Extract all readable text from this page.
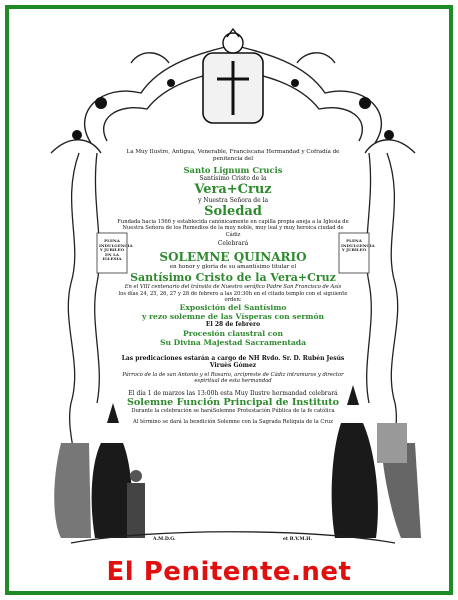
PLENA INDULGENCIA Y JUBILEO EN LA IGLESIA
PLENA INDULGENCIA Y JUBILEO
La Muy Ilustre, Antigua, Venerable, Franciscana Hermandad y Cofradía de penitencia del
Santo Lignum Crucis
Santísimo Cristo de la
Vera+Cruz
y Nuestra Señora de la
Soledad
Fundada hacia 1566 y establecida canónicamente en capilla propia aneja a la Iglesia de Nuestra Señora de los Remedios de la muy noble, muy leal y muy heroica ciudad de Cádiz
Celebrará
SOLEMNE QUINARIO
en honor y gloria de su amantísimo titular el
Santísimo Cristo de la Vera+Cruz
En el VIII centenario del tránsito de Nuestro seráfico Padre San Francisco de Asís
los días 24, 25, 26, 27 y 28 de febrero a las 20:30h en el citado templo con el siguiente orden:
Exposición del Santísimo
y rezo solemne de las Vísperas con sermón
El 28 de febrero
Procesión claustral con
Su Divina Majestad Sacramentada
Las predicaciones estarán a cargo de NH Rvdo. Sr. D. Rubén Jesús Viruès Gómez
Párroco de la de san Antonio y el Rosario, arcipreste de Cádiz intramuros y director espiritual de esta hermandad
El día 1 de marzos las 13:00h esta Muy Ilustre hermandad celebrará
Solemne Función Principal de Instituto
Durante la celebración se haráSolemne Protestación Pública de la fe católica
Al término se dará la bendición Solemne con la Sagrada Reliquia de la Cruz
A.M.D.G.	et B.V.M.H.
El Penitente.net
